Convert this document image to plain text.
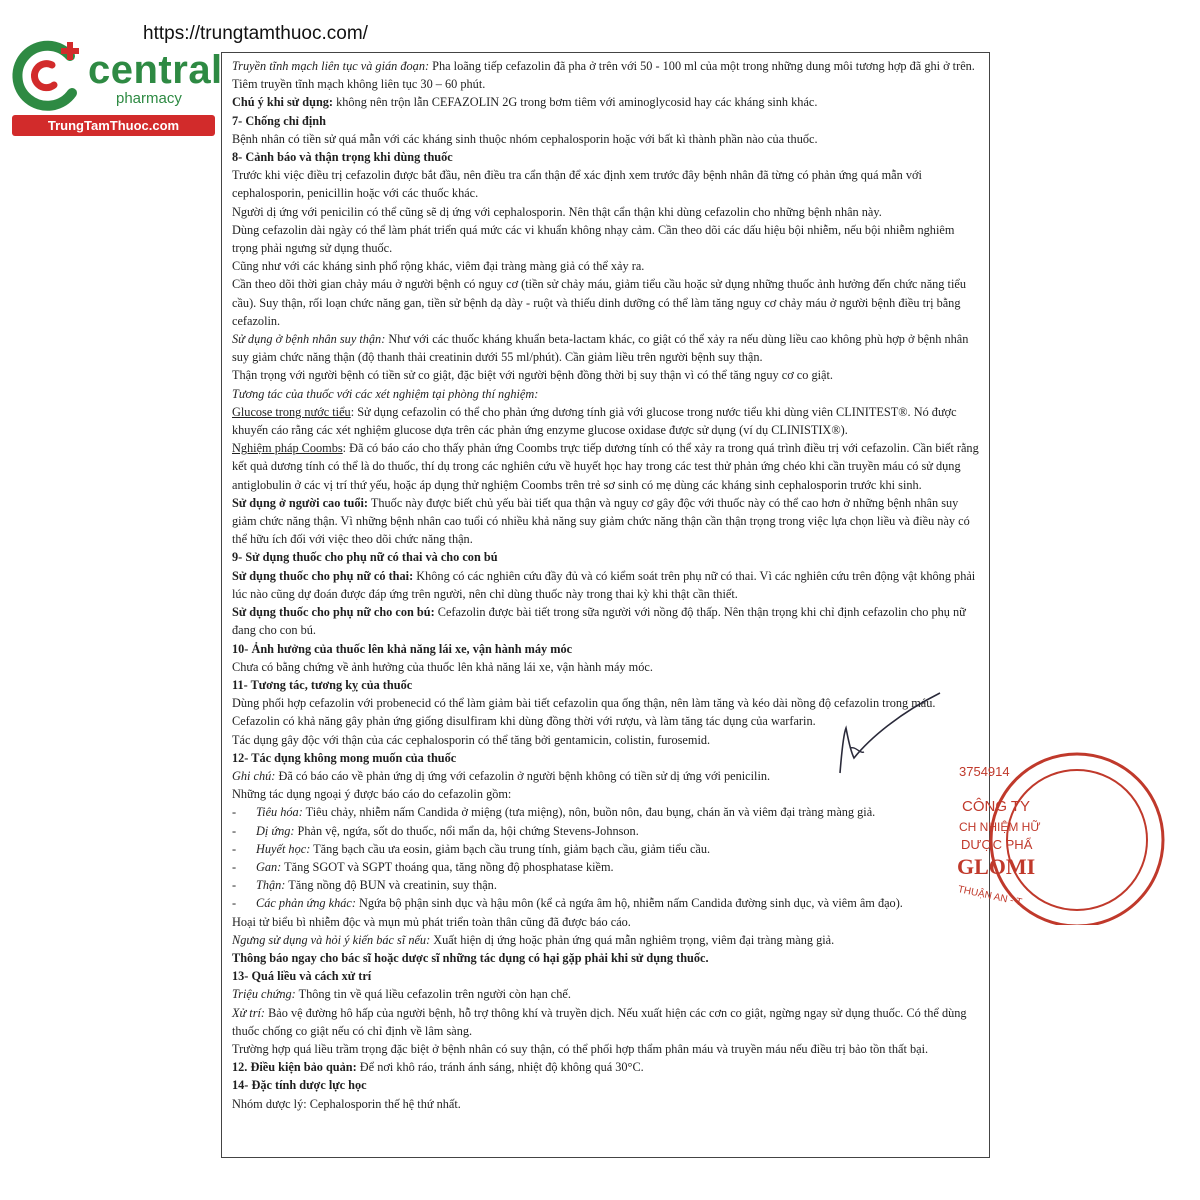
https://trungtamthuoc.com/
central
pharmacy
TrungTamThuoc.com

Truyền tĩnh mạch liên tục và gián đoạn: Pha loãng tiếp cefazolin đã pha ở trên với 50 - 100 ml của một trong những dung môi tương hợp đã ghi ở trên. Tiêm truyền tĩnh mạch không liên tục 30 – 60 phút.

Chú ý khi sử dụng: không nên trộn lẫn CEFAZOLIN 2G trong bơm tiêm với aminoglycosid hay các kháng sinh khác.

7- Chống chỉ định

Bệnh nhân có tiền sử quá mẫn với các kháng sinh thuộc nhóm cephalosporin hoặc với bất kì thành phần nào của thuốc.

8- Cảnh báo và thận trọng khi dùng thuốc

Trước khi việc điều trị cefazolin được bắt đầu, nên điều tra cẩn thận để xác định xem trước đây bệnh nhân đã từng có phản ứng quá mẫn với cephalosporin, penicillin hoặc với các thuốc khác.

Người dị ứng với penicilin có thể cũng sẽ dị ứng với cephalosporin. Nên thật cẩn thận khi dùng cefazolin cho những bệnh nhân này.

Dùng cefazolin dài ngày có thể làm phát triển quá mức các vi khuẩn không nhạy cảm. Cần theo dõi các dấu hiệu bội nhiễm, nếu bội nhiễm nghiêm trọng phải ngưng sử dụng thuốc.

Cũng như với các kháng sinh phổ rộng khác, viêm đại tràng màng giả có thể xảy ra.

Cần theo dõi thời gian chảy máu ở người bệnh có nguy cơ (tiền sử chảy máu, giảm tiểu cầu hoặc sử dụng những thuốc ảnh hưởng đến chức năng tiểu cầu). Suy thận, rối loạn chức năng gan, tiền sử bệnh dạ dày - ruột và thiếu dinh dưỡng có thể làm tăng nguy cơ chảy máu ở người bệnh điều trị bằng cefazolin.

Sử dụng ở bệnh nhân suy thận: Như với các thuốc kháng khuẩn beta-lactam khác, co giật có thể xảy ra nếu dùng liều cao không phù hợp ở bệnh nhân suy giảm chức năng thận (độ thanh thải creatinin dưới 55 ml/phút). Cần giảm liều trên người bệnh suy thận.

Thận trọng với người bệnh có tiền sử co giật, đặc biệt với người bệnh đồng thời bị suy thận vì có thể tăng nguy cơ co giật.

Tương tác của thuốc với các xét nghiệm tại phòng thí nghiệm:

Glucose trong nước tiểu: Sử dụng cefazolin có thể cho phản ứng dương tính giả với glucose trong nước tiểu khi dùng viên CLINITEST®. Nó được khuyến cáo rằng các xét nghiệm glucose dựa trên các phản ứng enzyme glucose oxidase được sử dụng (ví dụ CLINISTIX®).

Nghiệm pháp Coombs: Đã có báo cáo cho thấy phản ứng Coombs trực tiếp dương tính có thể xảy ra trong quá trình điều trị với cefazolin. Cần biết rằng kết quả dương tính có thể là do thuốc, thí dụ trong các nghiên cứu về huyết học hay trong các test thử phản ứng chéo khi cần truyền máu có sử dụng antiglobulin ở các vị trí thứ yếu, hoặc áp dụng thử nghiệm Coombs trên trẻ sơ sinh có mẹ dùng các kháng sinh cephalosporin trước khi sinh.

Sử dụng ở người cao tuổi: Thuốc này được biết chủ yếu bài tiết qua thận và nguy cơ gây độc với thuốc này có thể cao hơn ở những bệnh nhân suy giảm chức năng thận. Vì những bệnh nhân cao tuổi có nhiều khả năng suy giảm chức năng thận cần thận trọng trong việc lựa chọn liều và điều này có thể hữu ích đối với việc theo dõi chức năng thận.

9- Sử dụng thuốc cho phụ nữ có thai và cho con bú

Sử dụng thuốc cho phụ nữ có thai: Không có các nghiên cứu đầy đủ và có kiểm soát trên phụ nữ có thai. Vì các nghiên cứu trên động vật không phải lúc nào cũng dự đoán được đáp ứng trên người, nên chỉ dùng thuốc này trong thai kỳ khi thật cần thiết.

Sử dụng thuốc cho phụ nữ cho con bú: Cefazolin được bài tiết trong sữa người với nồng độ thấp. Nên thận trọng khi chỉ định cefazolin cho phụ nữ đang cho con bú.

10- Ảnh hưởng của thuốc lên khả năng lái xe, vận hành máy móc

Chưa có bằng chứng về ảnh hưởng của thuốc lên khả năng lái xe, vận hành máy móc.

11- Tương tác, tương kỵ của thuốc

Dùng phối hợp cefazolin với probenecid có thể làm giảm bài tiết cefazolin qua ống thận, nên làm tăng và kéo dài nồng độ cefazolin trong máu.

Cefazolin có khả năng gây phản ứng giống disulfiram khi dùng đồng thời với rượu, và làm tăng tác dụng của warfarin.

Tác dụng gây độc với thận của các cephalosporin có thể tăng bởi gentamicin, colistin, furosemid.

12- Tác dụng không mong muốn của thuốc

Ghi chú: Đã có báo cáo về phản ứng dị ứng với cefazolin ở người bệnh không có tiền sử dị ứng với penicilin.

Những tác dụng ngoại ý được báo cáo do cefazolin gồm:

- Tiêu hóa: Tiêu chảy, nhiễm nấm Candida ở miệng (tưa miệng), nôn, buồn nôn, đau bụng, chán ăn và viêm đại tràng màng giả.

- Dị ứng: Phản vệ, ngứa, sốt do thuốc, nổi mẩn da, hội chứng Stevens-Johnson.

- Huyết học: Tăng bạch cầu ưa eosin, giảm bạch cầu trung tính, giảm bạch cầu, giảm tiểu cầu.

- Gan: Tăng SGOT và SGPT thoáng qua, tăng nồng độ phosphatase kiềm.

- Thận: Tăng nồng độ BUN và creatinin, suy thận.

- Các phản ứng khác: Ngứa bộ phận sinh dục và hậu môn (kể cả ngứa âm hộ, nhiễm nấm Candida đường sinh dục, và viêm âm đạo).

Hoại tử biểu bì nhiễm độc và mụn mủ phát triển toàn thân cũng đã được báo cáo.

Ngưng sử dụng và hỏi ý kiến bác sĩ nếu: Xuất hiện dị ứng hoặc phản ứng quá mẫn nghiêm trọng, viêm đại tràng màng giả.

Thông báo ngay cho bác sĩ hoặc dược sĩ những tác dụng có hại gặp phải khi sử dụng thuốc.

13- Quá liều và cách xử trí

Triệu chứng: Thông tin về quá liều cefazolin trên người còn hạn chế.

Xử trí: Bảo vệ đường hô hấp của người bệnh, hỗ trợ thông khí và truyền dịch. Nếu xuất hiện các cơn co giật, ngừng ngay sử dụng thuốc. Có thể dùng thuốc chống co giật nếu có chỉ định về lâm sàng.

Trường hợp quá liều trầm trọng đặc biệt ở bệnh nhân có suy thận, có thể phối hợp thẩm phân máu và truyền máu nếu điều trị bảo tồn thất bại.

12. Điều kiện bảo quản: Để nơi khô ráo, tránh ánh sáng, nhiệt độ không quá 30°C.

14- Đặc tính dược lực học

Nhóm dược lý: Cephalosporin thế hệ thứ nhất.

3754914
CÔNG TY
CH NHIỆM HỮ
DƯỢC PHẨ
GLOMI
THUẬN AN - T
